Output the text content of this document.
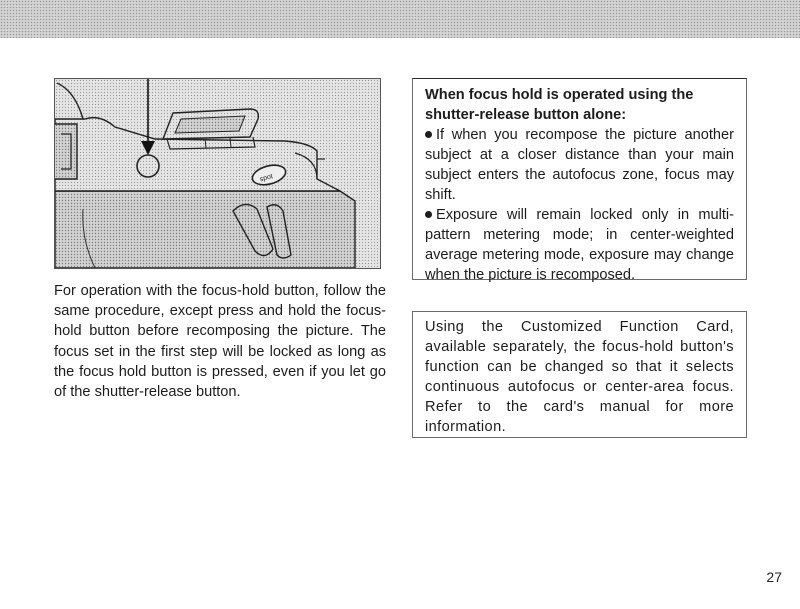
spot
For operation with the focus-hold button, follow the same procedure, except press and hold the focus-hold button before recomposing the picture. The focus set in the first step will be locked as long as the focus hold button is pressed, even if you let go of the shutter-release button.
When focus hold is operated using the shutter-release button alone:
If when you recompose the picture another subject at a closer distance than your main subject enters the autofocus zone, focus may shift.
Exposure will remain locked only in multi-pattern metering mode; in center-weighted average metering mode, exposure may change when the picture is recomposed.
Using the Customized Function Card, available separately, the focus-hold button's function can be changed so that it selects continuous autofocus or center-area focus. Refer to the card's manual for more information.
27
